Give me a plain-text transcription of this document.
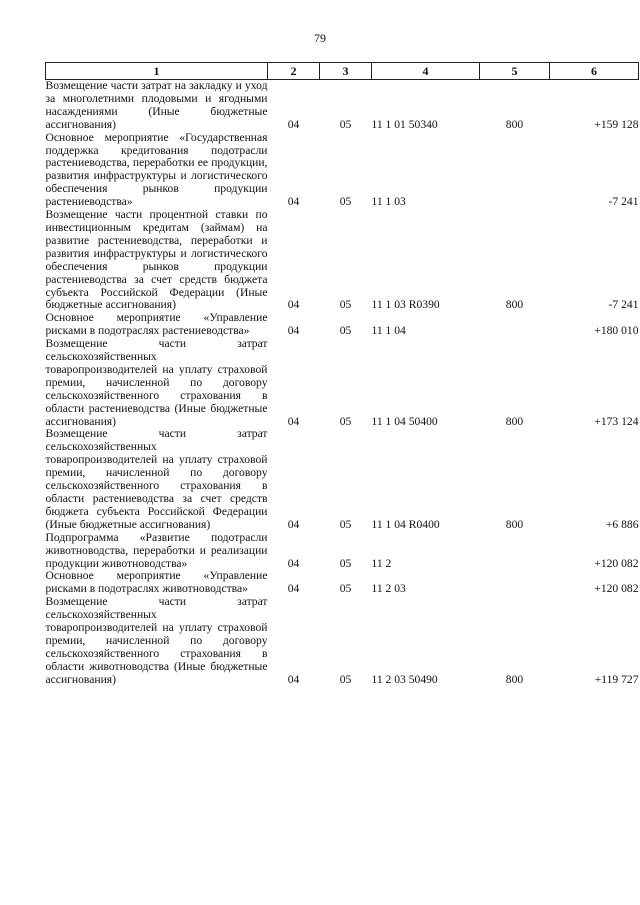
79
1	2	3	4	5	6
Возмещение части затрат на закладку и уход за многолетними плодовыми и ягодными насаждениями (Иные бюджетные ассигнования)	04	05	11 1 01 50340	800	+159 128
Основное мероприятие «Государственная поддержка кредитования подотрасли растениеводства, переработки ее продукции, развития инфраструктуры и логистического обеспечения рынков продукции растениеводства»	04	05	11 1 03		-7 241
Возмещение части процентной ставки по инвестиционным кредитам (займам) на развитие растениеводства, переработки и развития инфраструктуры и логистического обеспечения рынков продукции растениеводства за счет средств бюджета субъекта Российской Федерации (Иные бюджетные ассигнования)	04	05	11 1 03 R0390	800	-7 241
Основное мероприятие «Управление рисками в подотраслях растениеводства»	04	05	11 1 04		+180 010
Возмещение части затрат сельскохозяйственных товаропроизводителей на уплату страховой премии, начисленной по договору сельскохозяйственного страхования в области растениеводства (Иные бюджетные ассигнования)	04	05	11 1 04 50400	800	+173 124
Возмещение части затрат сельскохозяйственных товаропроизводителей на уплату страховой премии, начисленной по договору сельскохозяйственного страхования в области растениеводства за счет средств бюджета субъекта Российской Федерации (Иные бюджетные ассигнования)	04	05	11 1 04 R0400	800	+6 886
Подпрограмма «Развитие подотрасли животноводства, переработки и реализации продукции животноводства»	04	05	11 2		+120 082
Основное мероприятие «Управление рисками в подотраслях животноводства»	04	05	11 2 03		+120 082
Возмещение части затрат сельскохозяйственных товаропроизводителей на уплату страховой премии, начисленной по договору сельскохозяйственного страхования в области животноводства (Иные бюджетные ассигнования)	04	05	11 2 03 50490	800	+119 727
